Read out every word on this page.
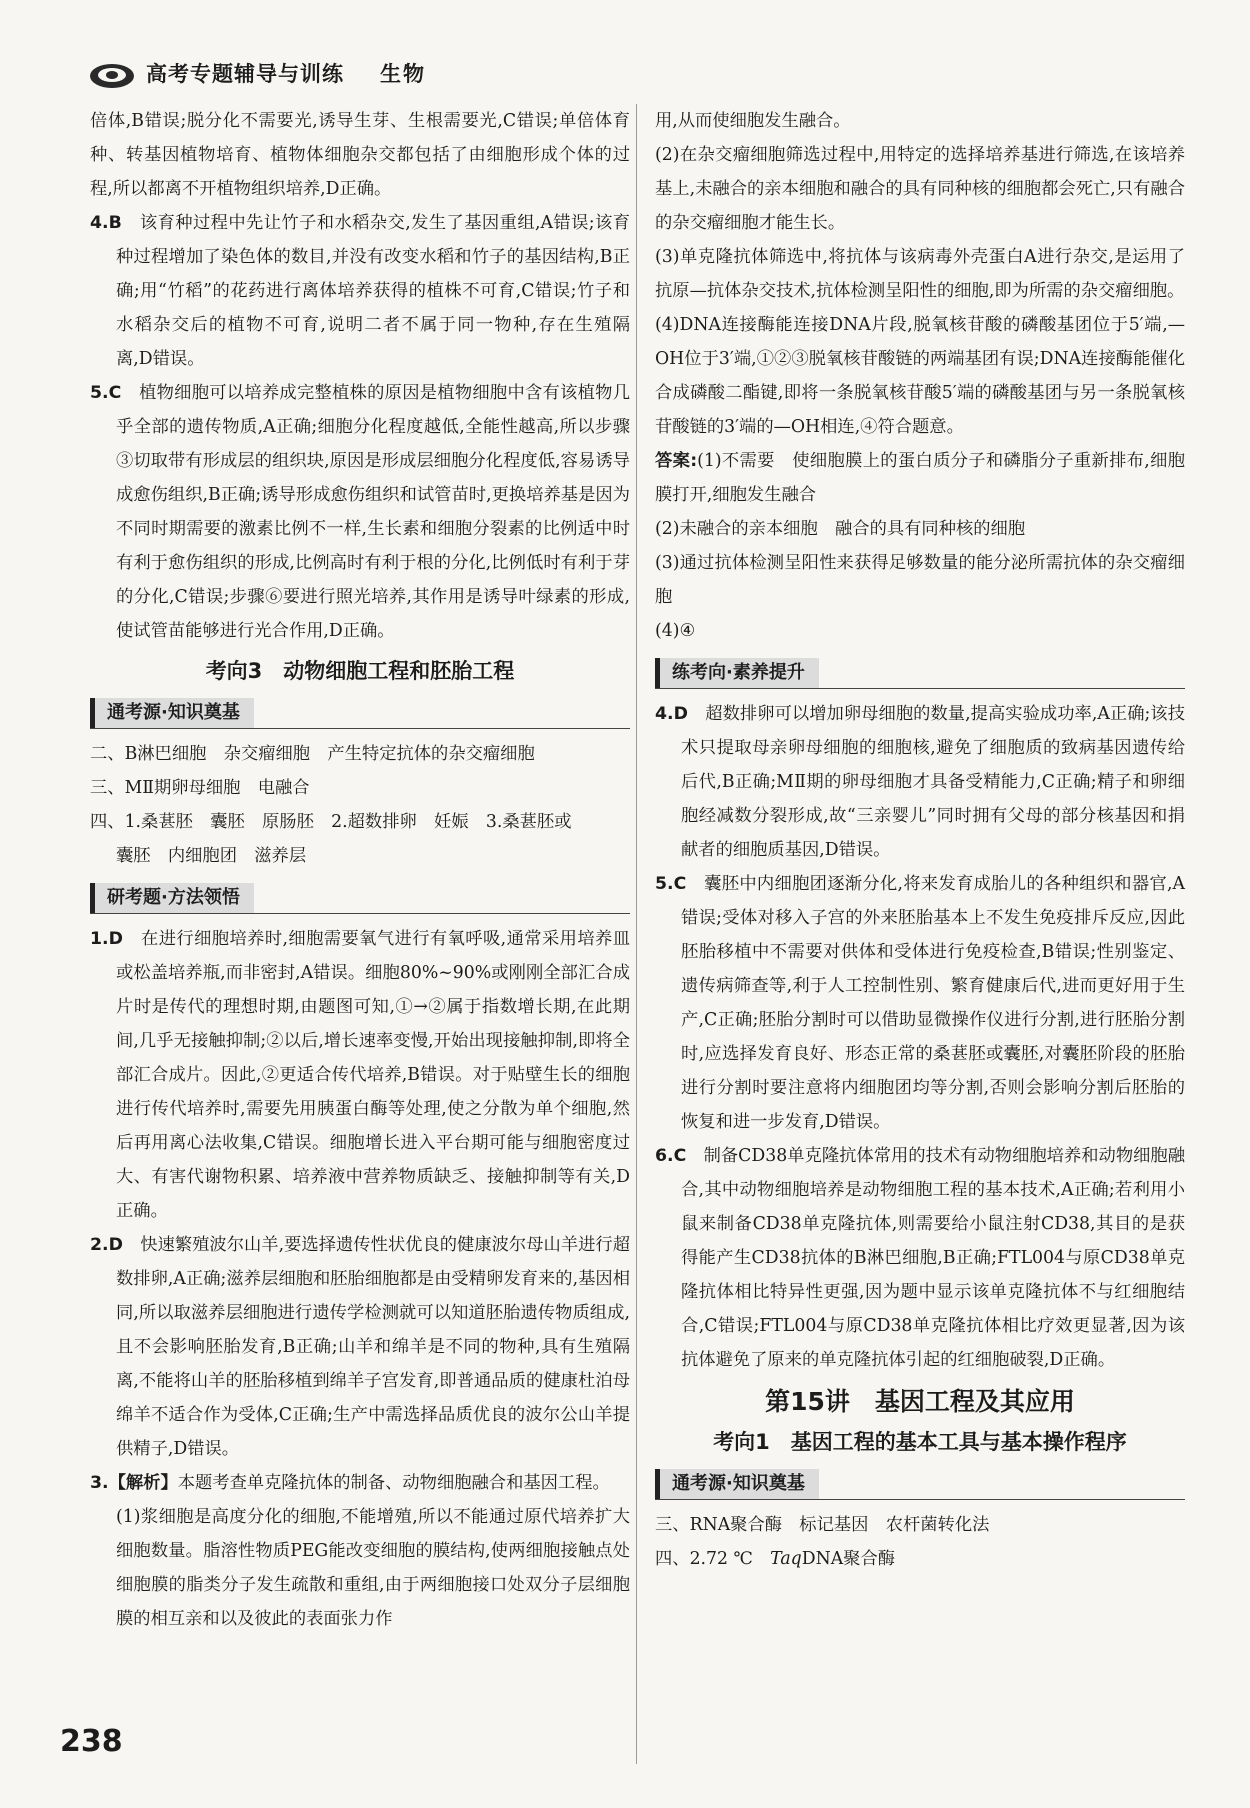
高考专题辅导与训练 生物

倍体,B错误;脱分化不需要光,诱导生芽、生根需要光,C错误;单倍体育种、转基因植物培育、植物体细胞杂交都包括了由细胞形成个体的过程,所以都离不开植物组织培养,D正确。

4.B　 该育种过程中先让竹子和水稻杂交,发生了基因重组,A错误;该育种过程增加了染色体的数目,并没有改变水稻和竹子的基因结构,B正确;用“竹稻”的花药进行离体培养获得的植株不可育,C错误;竹子和水稻杂交后的植物不可育,说明二者不属于同一物种,存在生殖隔离,D错误。

5.C　 植物细胞可以培养成完整植株的原因是植物细胞中含有该植物几乎全部的遗传物质,A正确;细胞分化程度越低,全能性越高,所以步骤③切取带有形成层的组织块,原因是形成层细胞分化程度低,容易诱导成愈伤组织,B正确;诱导形成愈伤组织和试管苗时,更换培养基是因为不同时期需要的激素比例不一样,生长素和细胞分裂素的比例适中时有利于愈伤组织的形成,比例高时有利于根的分化,比例低时有利于芽的分化,C错误;步骤⑥要进行照光培养,其作用是诱导叶绿素的形成,使试管苗能够进行光合作用,D正确。

考向3　动物细胞工程和胚胎工程
通考源·知识奠基

二、B淋巴细胞　杂交瘤细胞　产生特定抗体的杂交瘤细胞

三、MⅡ期卵母细胞　电融合

四、1.桑葚胚　囊胚　原肠胚　2.超数排卵　妊娠　3.桑葚胚或

囊胚　内细胞团　滋养层

研考题·方法领悟

1.D　 在进行细胞培养时,细胞需要氧气进行有氧呼吸,通常采用培养皿或松盖培养瓶,而非密封,A错误。细胞80%~90%或刚刚全部汇合成片时是传代的理想时期,由题图可知,①→②属于指数增长期,在此期间,几乎无接触抑制;②以后,增长速率变慢,开始出现接触抑制,即将全部汇合成片。因此,②更适合传代培养,B错误。对于贴壁生长的细胞进行传代培养时,需要先用胰蛋白酶等处理,使之分散为单个细胞,然后再用离心法收集,C错误。细胞增长进入平台期可能与细胞密度过大、有害代谢物积累、培养液中营养物质缺乏、接触抑制等有关,D正确。

2.D　 快速繁殖波尔山羊,要选择遗传性状优良的健康波尔母山羊进行超数排卵,A正确;滋养层细胞和胚胎细胞都是由受精卵发育来的,基因相同,所以取滋养层细胞进行遗传学检测就可以知道胚胎遗传物质组成,且不会影响胚胎发育,B正确;山羊和绵羊是不同的物种,具有生殖隔离,不能将山羊的胚胎移植到绵羊子宫发育,即普通品质的健康杜泊母绵羊不适合作为受体,C正确;生产中需选择品质优良的波尔公山羊提供精子,D错误。

3.【解析】本题考查单克隆抗体的制备、动物细胞融合和基因工程。

(1)浆细胞是高度分化的细胞,不能增殖,所以不能通过原代培养扩大细胞数量。脂溶性物质PEG能改变细胞的膜结构,使两细胞接触点处细胞膜的脂类分子发生疏散和重组,由于两细胞接口处双分子层细胞膜的相互亲和以及彼此的表面张力作

用,从而使细胞发生融合。

(2)在杂交瘤细胞筛选过程中,用特定的选择培养基进行筛选,在该培养基上,未融合的亲本细胞和融合的具有同种核的细胞都会死亡,只有融合的杂交瘤细胞才能生长。

(3)单克隆抗体筛选中,将抗体与该病毒外壳蛋白A进行杂交,是运用了抗原—抗体杂交技术,抗体检测呈阳性的细胞,即为所需的杂交瘤细胞。

(4)DNA连接酶能连接DNA片段,脱氧核苷酸的磷酸基团位于5′端,—OH位于3′端,①②③脱氧核苷酸链的两端基团有误;DNA连接酶能催化合成磷酸二酯键,即将一条脱氧核苷酸5′端的磷酸基团与另一条脱氧核苷酸链的3′端的—OH相连,④符合题意。

答案:(1)不需要　使细胞膜上的蛋白质分子和磷脂分子重新排布,细胞膜打开,细胞发生融合

(2)未融合的亲本细胞　融合的具有同种核的细胞

(3)通过抗体检测呈阳性来获得足够数量的能分泌所需抗体的杂交瘤细胞

(4)④

练考向·素养提升

4.D　 超数排卵可以增加卵母细胞的数量,提高实验成功率,A正确;该技术只提取母亲卵母细胞的细胞核,避免了细胞质的致病基因遗传给后代,B正确;MⅡ期的卵母细胞才具备受精能力,C正确;精子和卵细胞经减数分裂形成,故“三亲婴儿”同时拥有父母的部分核基因和捐献者的细胞质基因,D错误。

5.C　 囊胚中内细胞团逐渐分化,将来发育成胎儿的各种组织和器官,A错误;受体对移入子宫的外来胚胎基本上不发生免疫排斥反应,因此胚胎移植中不需要对供体和受体进行免疫检查,B错误;性别鉴定、遗传病筛查等,利于人工控制性别、繁育健康后代,进而更好用于生产,C正确;胚胎分割时可以借助显微操作仪进行分割,进行胚胎分割时,应选择发育良好、形态正常的桑葚胚或囊胚,对囊胚阶段的胚胎进行分割时要注意将内细胞团均等分割,否则会影响分割后胚胎的恢复和进一步发育,D错误。

6.C　 制备CD38单克隆抗体常用的技术有动物细胞培养和动物细胞融合,其中动物细胞培养是动物细胞工程的基本技术,A正确;若利用小鼠来制备CD38单克隆抗体,则需要给小鼠注射CD38,其目的是获得能产生CD38抗体的B淋巴细胞,B正确;FTL004与原CD38单克隆抗体相比特异性更强,因为题中显示该单克隆抗体不与红细胞结合,C错误;FTL004与原CD38单克隆抗体相比疗效更显著,因为该抗体避免了原来的单克隆抗体引起的红细胞破裂,D正确。

第15讲　基因工程及其应用
考向1　基因工程的基本工具与基本操作程序
通考源·知识奠基

三、RNA聚合酶　标记基因　农杆菌转化法

四、2.72 ℃　TaqDNA聚合酶

238
